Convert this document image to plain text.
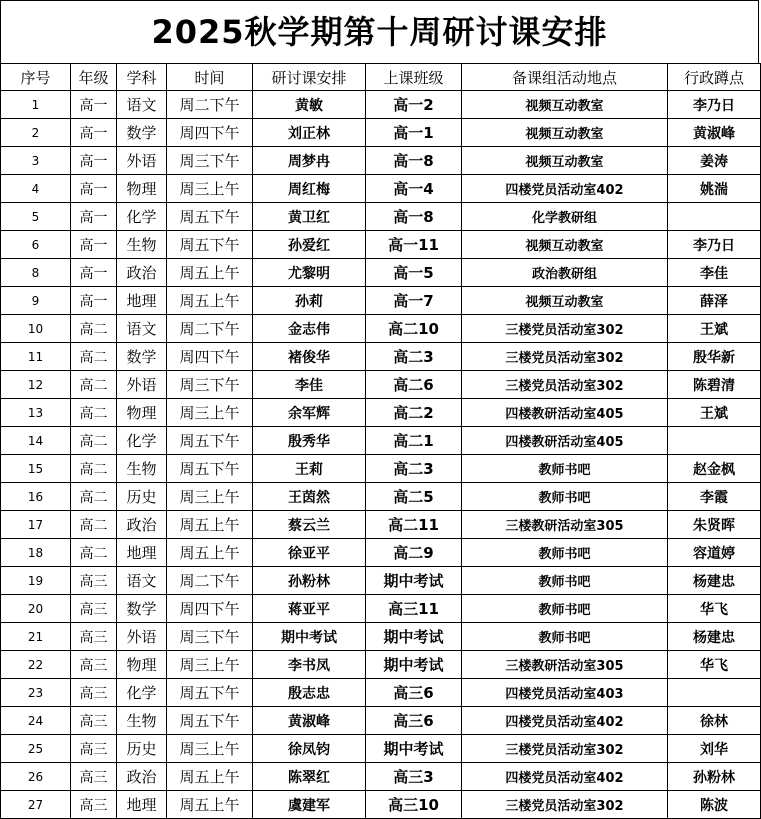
2025秋学期第十周研讨课安排
序号	年级	学科	时间	研讨课安排	上课班级	备课组活动地点	行政蹲点
1	高一	语文	周二下午	黄敏	高一2	视频互动教室	李乃日
2	高一	数学	周四下午	刘正林	高一1	视频互动教室	黄淑峰
3	高一	外语	周三下午	周梦冉	高一8	视频互动教室	姜涛
4	高一	物理	周三上午	周红梅	高一4	四楼党员活动室402	姚湍
5	高一	化学	周五下午	黄卫红	高一8	化学教研组	
6	高一	生物	周五下午	孙爱红	高一11	视频互动教室	李乃日
8	高一	政治	周五上午	尤黎明	高一5	政治教研组	李佳
9	高一	地理	周五上午	孙莉	高一7	视频互动教室	薛泽
10	高二	语文	周二下午	金志伟	高二10	三楼党员活动室302	王斌
11	高二	数学	周四下午	褚俊华	高二3	三楼党员活动室302	殷华新
12	高二	外语	周三下午	李佳	高二6	三楼党员活动室302	陈碧清
13	高二	物理	周三上午	余军辉	高二2	四楼教研活动室405	王斌
14	高二	化学	周五下午	殷秀华	高二1	四楼教研活动室405	
15	高二	生物	周五下午	王莉	高二3	教师书吧	赵金枫
16	高二	历史	周三上午	王茵然	高二5	教师书吧	李霞
17	高二	政治	周五上午	蔡云兰	高二11	三楼教研活动室305	朱贤晖
18	高二	地理	周五上午	徐亚平	高二9	教师书吧	容道婷
19	高三	语文	周二下午	孙粉林	期中考试	教师书吧	杨建忠
20	高三	数学	周四下午	蒋亚平	高三11	教师书吧	华飞
21	高三	外语	周三下午	期中考试	期中考试	教师书吧	杨建忠
22	高三	物理	周三上午	李书凤	期中考试	三楼教研活动室305	华飞
23	高三	化学	周五下午	殷志忠	高三6	四楼党员活动室403	
24	高三	生物	周五下午	黄淑峰	高三6	四楼党员活动室402	徐林
25	高三	历史	周三上午	徐凤钧	期中考试	三楼党员活动室302	刘华
26	高三	政治	周五上午	陈翠红	高三3	四楼党员活动室402	孙粉林
27	高三	地理	周五上午	虞建军	高三10	三楼党员活动室302	陈波
